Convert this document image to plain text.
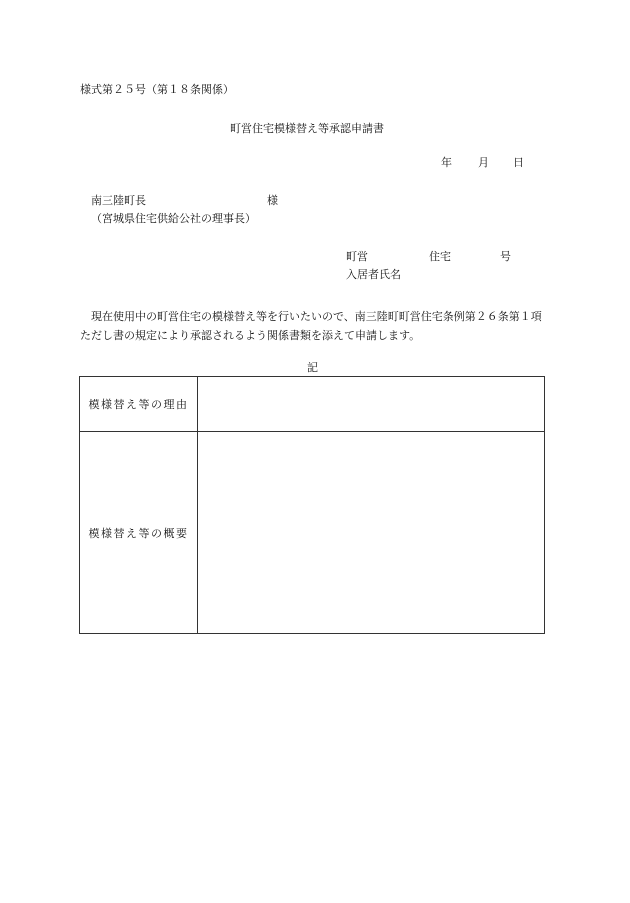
様式第２５号（第１８条関係）
町営住宅模様替え等承認申請書
年 月 日
南三陸町長	様
（宮城県住宅供給公社の理事長）
町営	住宅	号
入居者氏名
現在使用中の町営住宅の模様替え等を行いたいので、南三陸町町営住宅条例第２６条第１項ただし書の規定により承認されるよう関係書類を添えて申請します。
記
模様替え等の理由	
模様替え等の概要	
